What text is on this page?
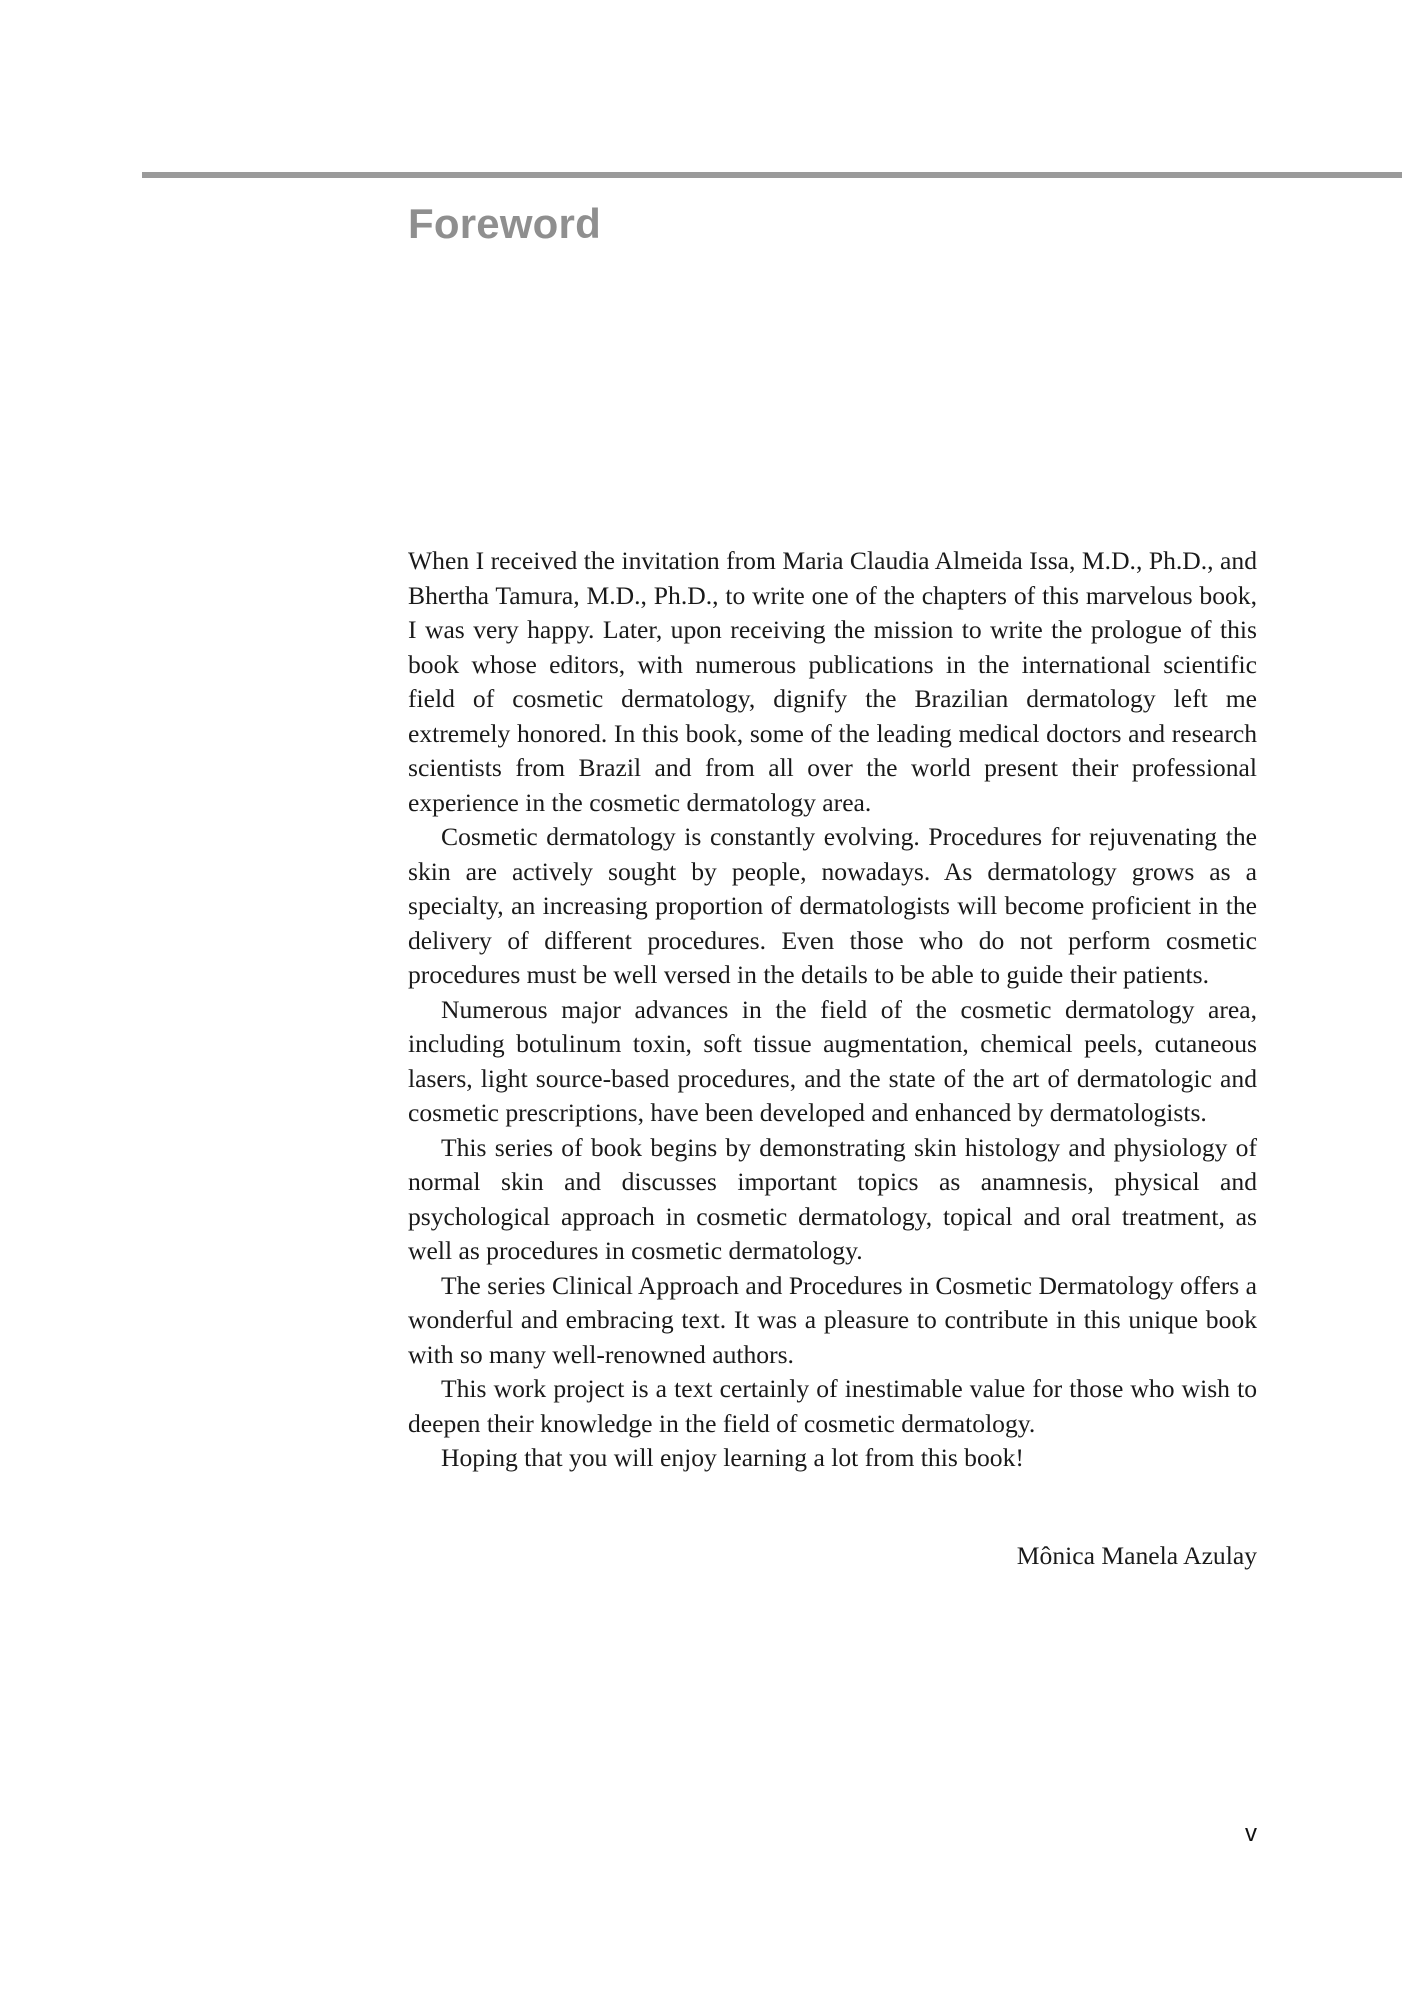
Foreword

When I received the invitation from Maria Claudia Almeida Issa, M.D., Ph.D., and Bhertha Tamura, M.D., Ph.D., to write one of the chapters of this marvelous book, I was very happy. Later, upon receiving the mission to write the prologue of this book whose editors, with numerous publications in the international scientific field of cosmetic dermatology, dignify the Brazilian dermatology left me extremely honored. In this book, some of the leading medical doctors and research scientists from Brazil and from all over the world present their professional experience in the cosmetic dermatology area.

Cosmetic dermatology is constantly evolving. Procedures for rejuvenating the skin are actively sought by people, nowadays. As dermatology grows as a specialty, an increasing proportion of dermatologists will become proficient in the delivery of different procedures. Even those who do not perform cosmetic procedures must be well versed in the details to be able to guide their patients.

Numerous major advances in the field of the cosmetic dermatology area, including botulinum toxin, soft tissue augmentation, chemical peels, cutaneous lasers, light source-based procedures, and the state of the art of dermatologic and cosmetic prescriptions, have been developed and enhanced by dermatologists.

This series of book begins by demonstrating skin histology and physiology of normal skin and discusses important topics as anamnesis, physical and psychological approach in cosmetic dermatology, topical and oral treatment, as well as procedures in cosmetic dermatology.

The series Clinical Approach and Procedures in Cosmetic Dermatology offers a wonderful and embracing text. It was a pleasure to contribute in this unique book with so many well-renowned authors.

This work project is a text certainly of inestimable value for those who wish to deepen their knowledge in the field of cosmetic dermatology.

Hoping that you will enjoy learning a lot from this book!

Mônica Manela Azulay

v
